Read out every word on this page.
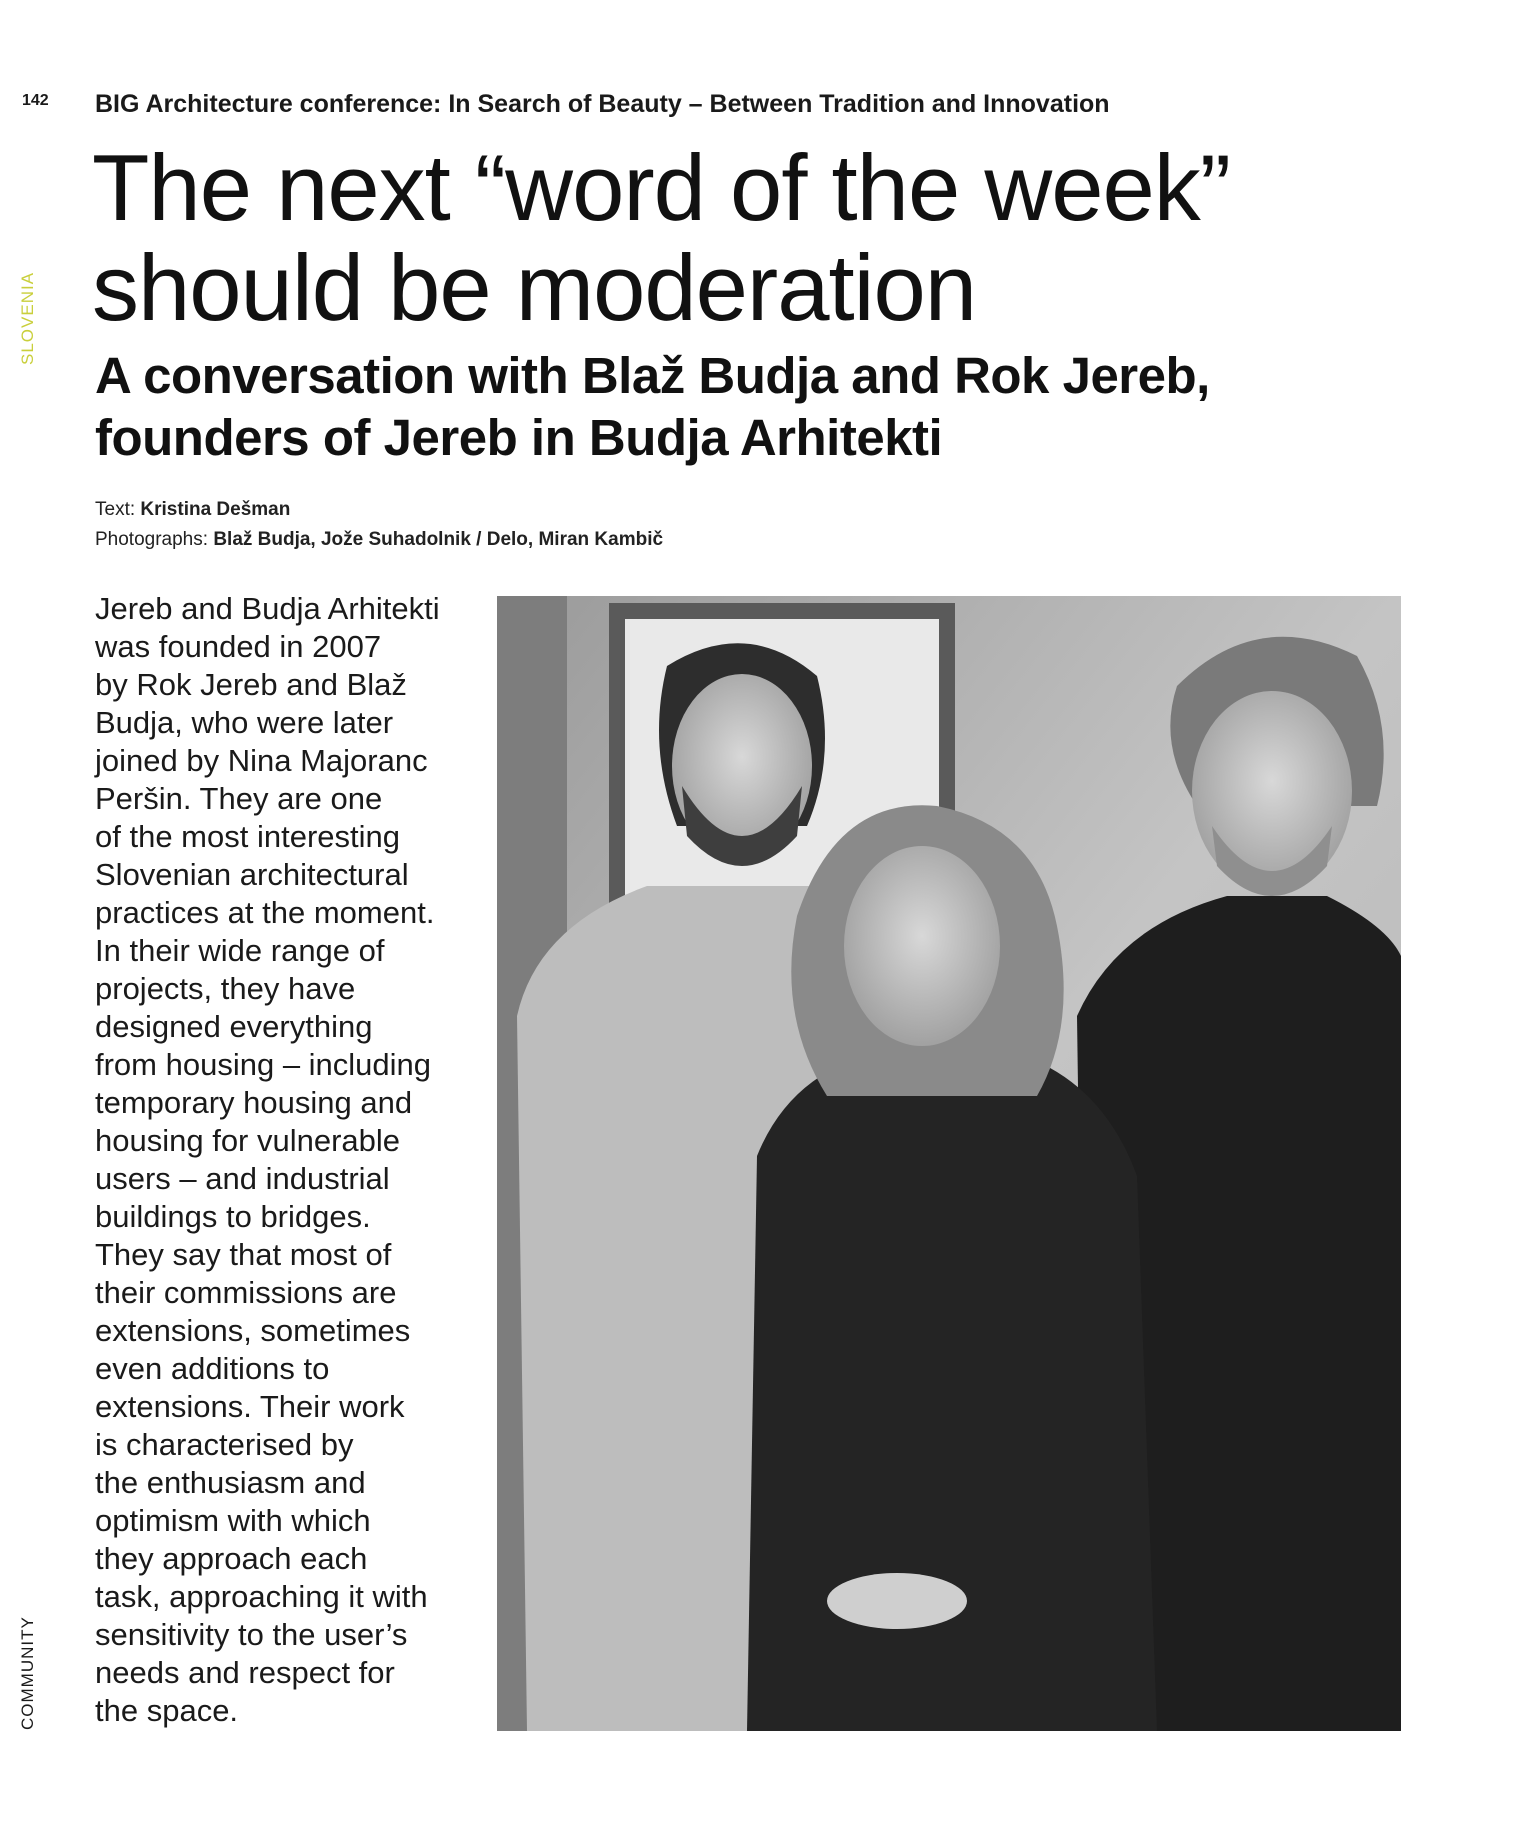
142 BIG Architecture conference: In Search of Beauty – Between Tradition and Innovation
SLOVENIA
COMMUNITY
The next “word of the week”
should be moderation
A conversation with Blaž Budja and Rok Jereb,
founders of Jereb in Budja Arhitekti
Text: Kristina Dešman
Photographs: Blaž Budja, Jože Suhadolnik / Delo, Miran Kambič
Jereb and Budja Arhitekti
was founded in 2007
by Rok Jereb and Blaž
Budja, who were later
joined by Nina Majoranc
Peršin. They are one
of the most interesting
Slovenian architectural
practices at the moment.
In their wide range of
projects, they have
designed everything
from housing – including
temporary housing and
housing for vulnerable
users – and industrial
buildings to bridges.
They say that most of
their commissions are
extensions, sometimes
even additions to
extensions. Their work
is characterised by
the enthusiasm and
optimism with which
they approach each
task, approaching it with
sensitivity to the user’s
needs and respect for
the space.
